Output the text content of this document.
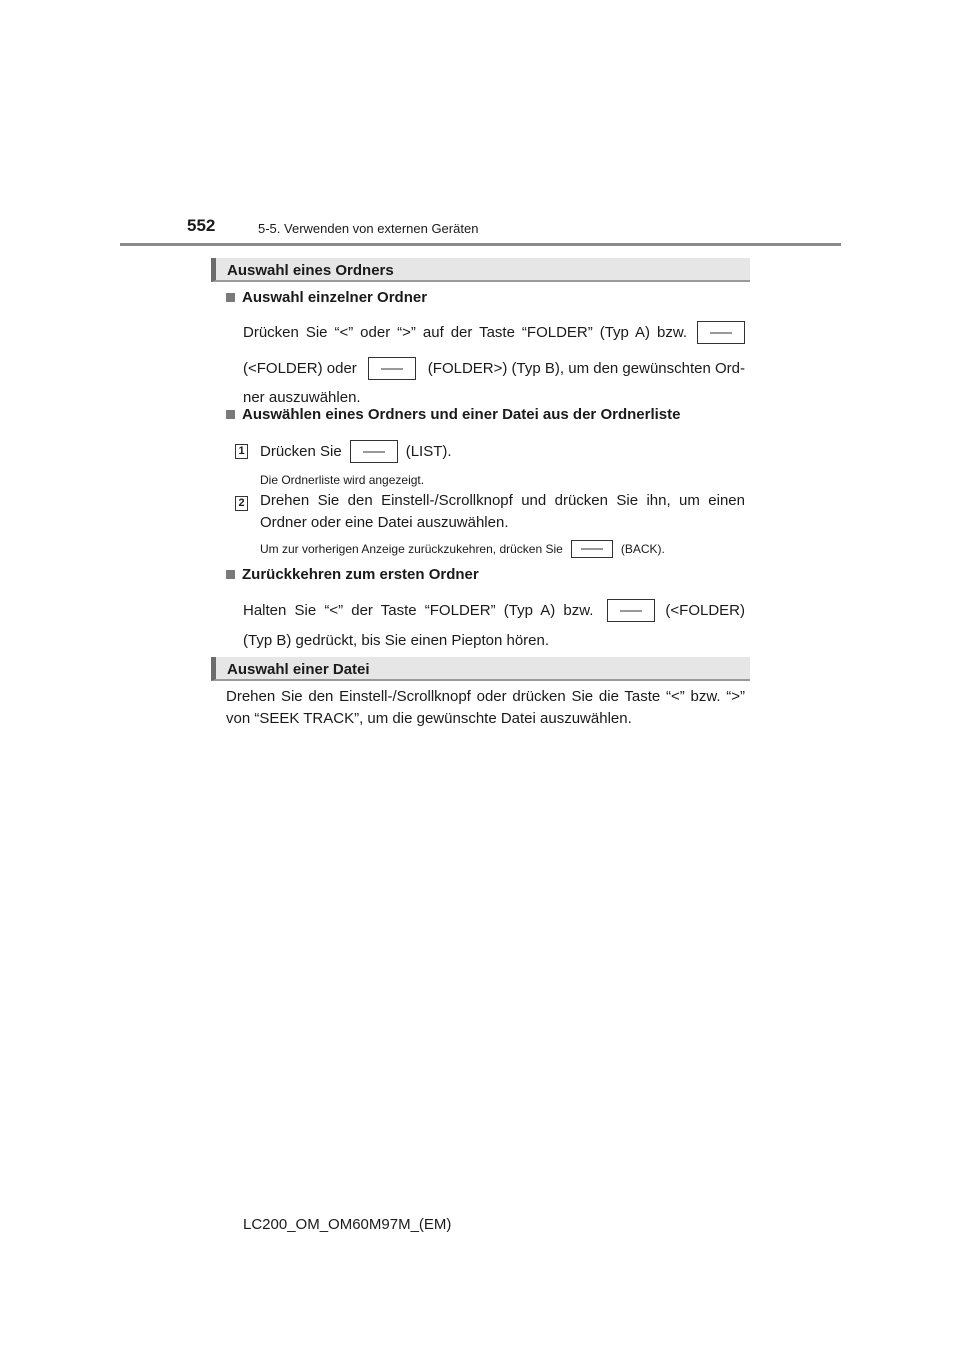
552	5-5. Verwenden von externen Geräten
Auswahl eines Ordners
Auswahl einzelner Ordner
Drücken Sie “<” oder “>” auf der Taste “FOLDER” (Typ A) bzw.
(<FOLDER) oder	(FOLDER>) (Typ B), um den gewünschten Ord-
ner auszuwählen.
Auswählen eines Ordners und einer Datei aus der Ordnerliste
1 Drücken Sie	(LIST).
Die Ordnerliste wird angezeigt.
2 Drehen Sie den Einstell-/Scrollknopf und drücken Sie ihn, um einen
Ordner oder eine Datei auszuwählen.
Um zur vorherigen Anzeige zurückzukehren, drücken Sie	(BACK).
Zurückkehren zum ersten Ordner
Halten Sie “<” der Taste “FOLDER” (Typ A) bzw.	(<FOLDER)
(Typ B) gedrückt, bis Sie einen Piepton hören.
Auswahl einer Datei
Drehen Sie den Einstell-/Scrollknopf oder drücken Sie die Taste “<” bzw. “>”
von “SEEK TRACK”, um die gewünschte Datei auszuwählen.
LC200_OM_OM60M97M_(EM)
